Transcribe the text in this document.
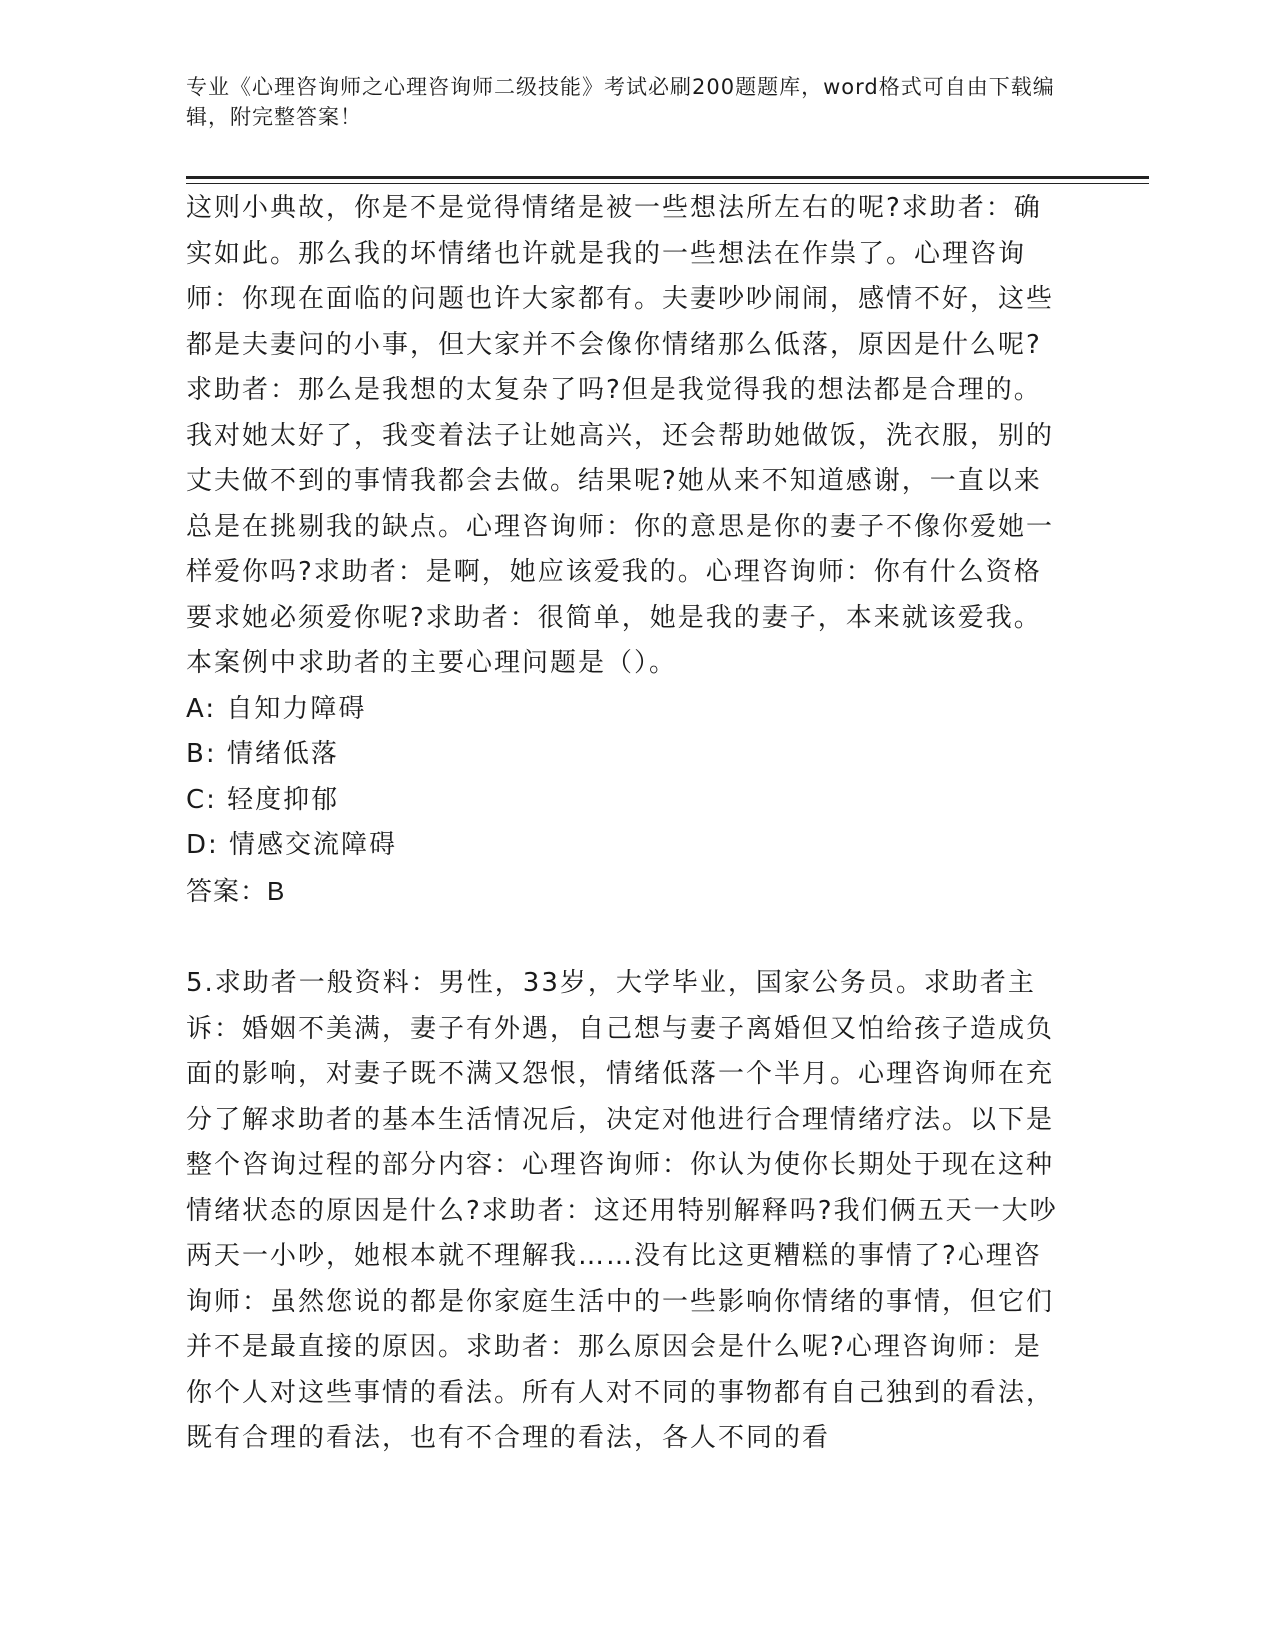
专业《心理咨询师之心理咨询师二级技能》考试必刷200题题库，word格式可自由下载编辑，附完整答案！

这则小典故，你是不是觉得情绪是被一些想法所左右的呢?求助者：确实如此。那么我的坏情绪也许就是我的一些想法在作祟了。心理咨询师：你现在面临的问题也许大家都有。夫妻吵吵闹闹，感情不好，这些都是夫妻问的小事，但大家并不会像你情绪那么低落，原因是什么呢?求助者：那么是我想的太复杂了吗?但是我觉得我的想法都是合理的。我对她太好了，我变着法子让她高兴，还会帮助她做饭，洗衣服，别的丈夫做不到的事情我都会去做。结果呢?她从来不知道感谢，一直以来总是在挑剔我的缺点。心理咨询师：你的意思是你的妻子不像你爱她一样爱你吗?求助者：是啊，她应该爱我的。心理咨询师：你有什么资格要求她必须爱你呢?求助者：很简单，她是我的妻子，本来就该爱我。本案例中求助者的主要心理问题是（）。

A: 自知力障碍

B: 情绪低落

C: 轻度抑郁

D: 情感交流障碍

答案：B

5.求助者一般资料：男性，33岁，大学毕业，国家公务员。求助者主诉：婚姻不美满，妻子有外遇，自己想与妻子离婚但又怕给孩子造成负面的影响，对妻子既不满又怨恨，情绪低落一个半月。心理咨询师在充分了解求助者的基本生活情况后，决定对他进行合理情绪疗法。以下是整个咨询过程的部分内容：心理咨询师：你认为使你长期处于现在这种情绪状态的原因是什么?求助者：这还用特别解释吗?我们俩五天一大吵两天一小吵，她根本就不理解我……没有比这更糟糕的事情了?心理咨询师：虽然您说的都是你家庭生活中的一些影响你情绪的事情，但它们并不是最直接的原因。求助者：那么原因会是什么呢?心理咨询师：是你个人对这些事情的看法。所有人对不同的事物都有自己独到的看法，既有合理的看法，也有不合理的看法，各人不同的看
